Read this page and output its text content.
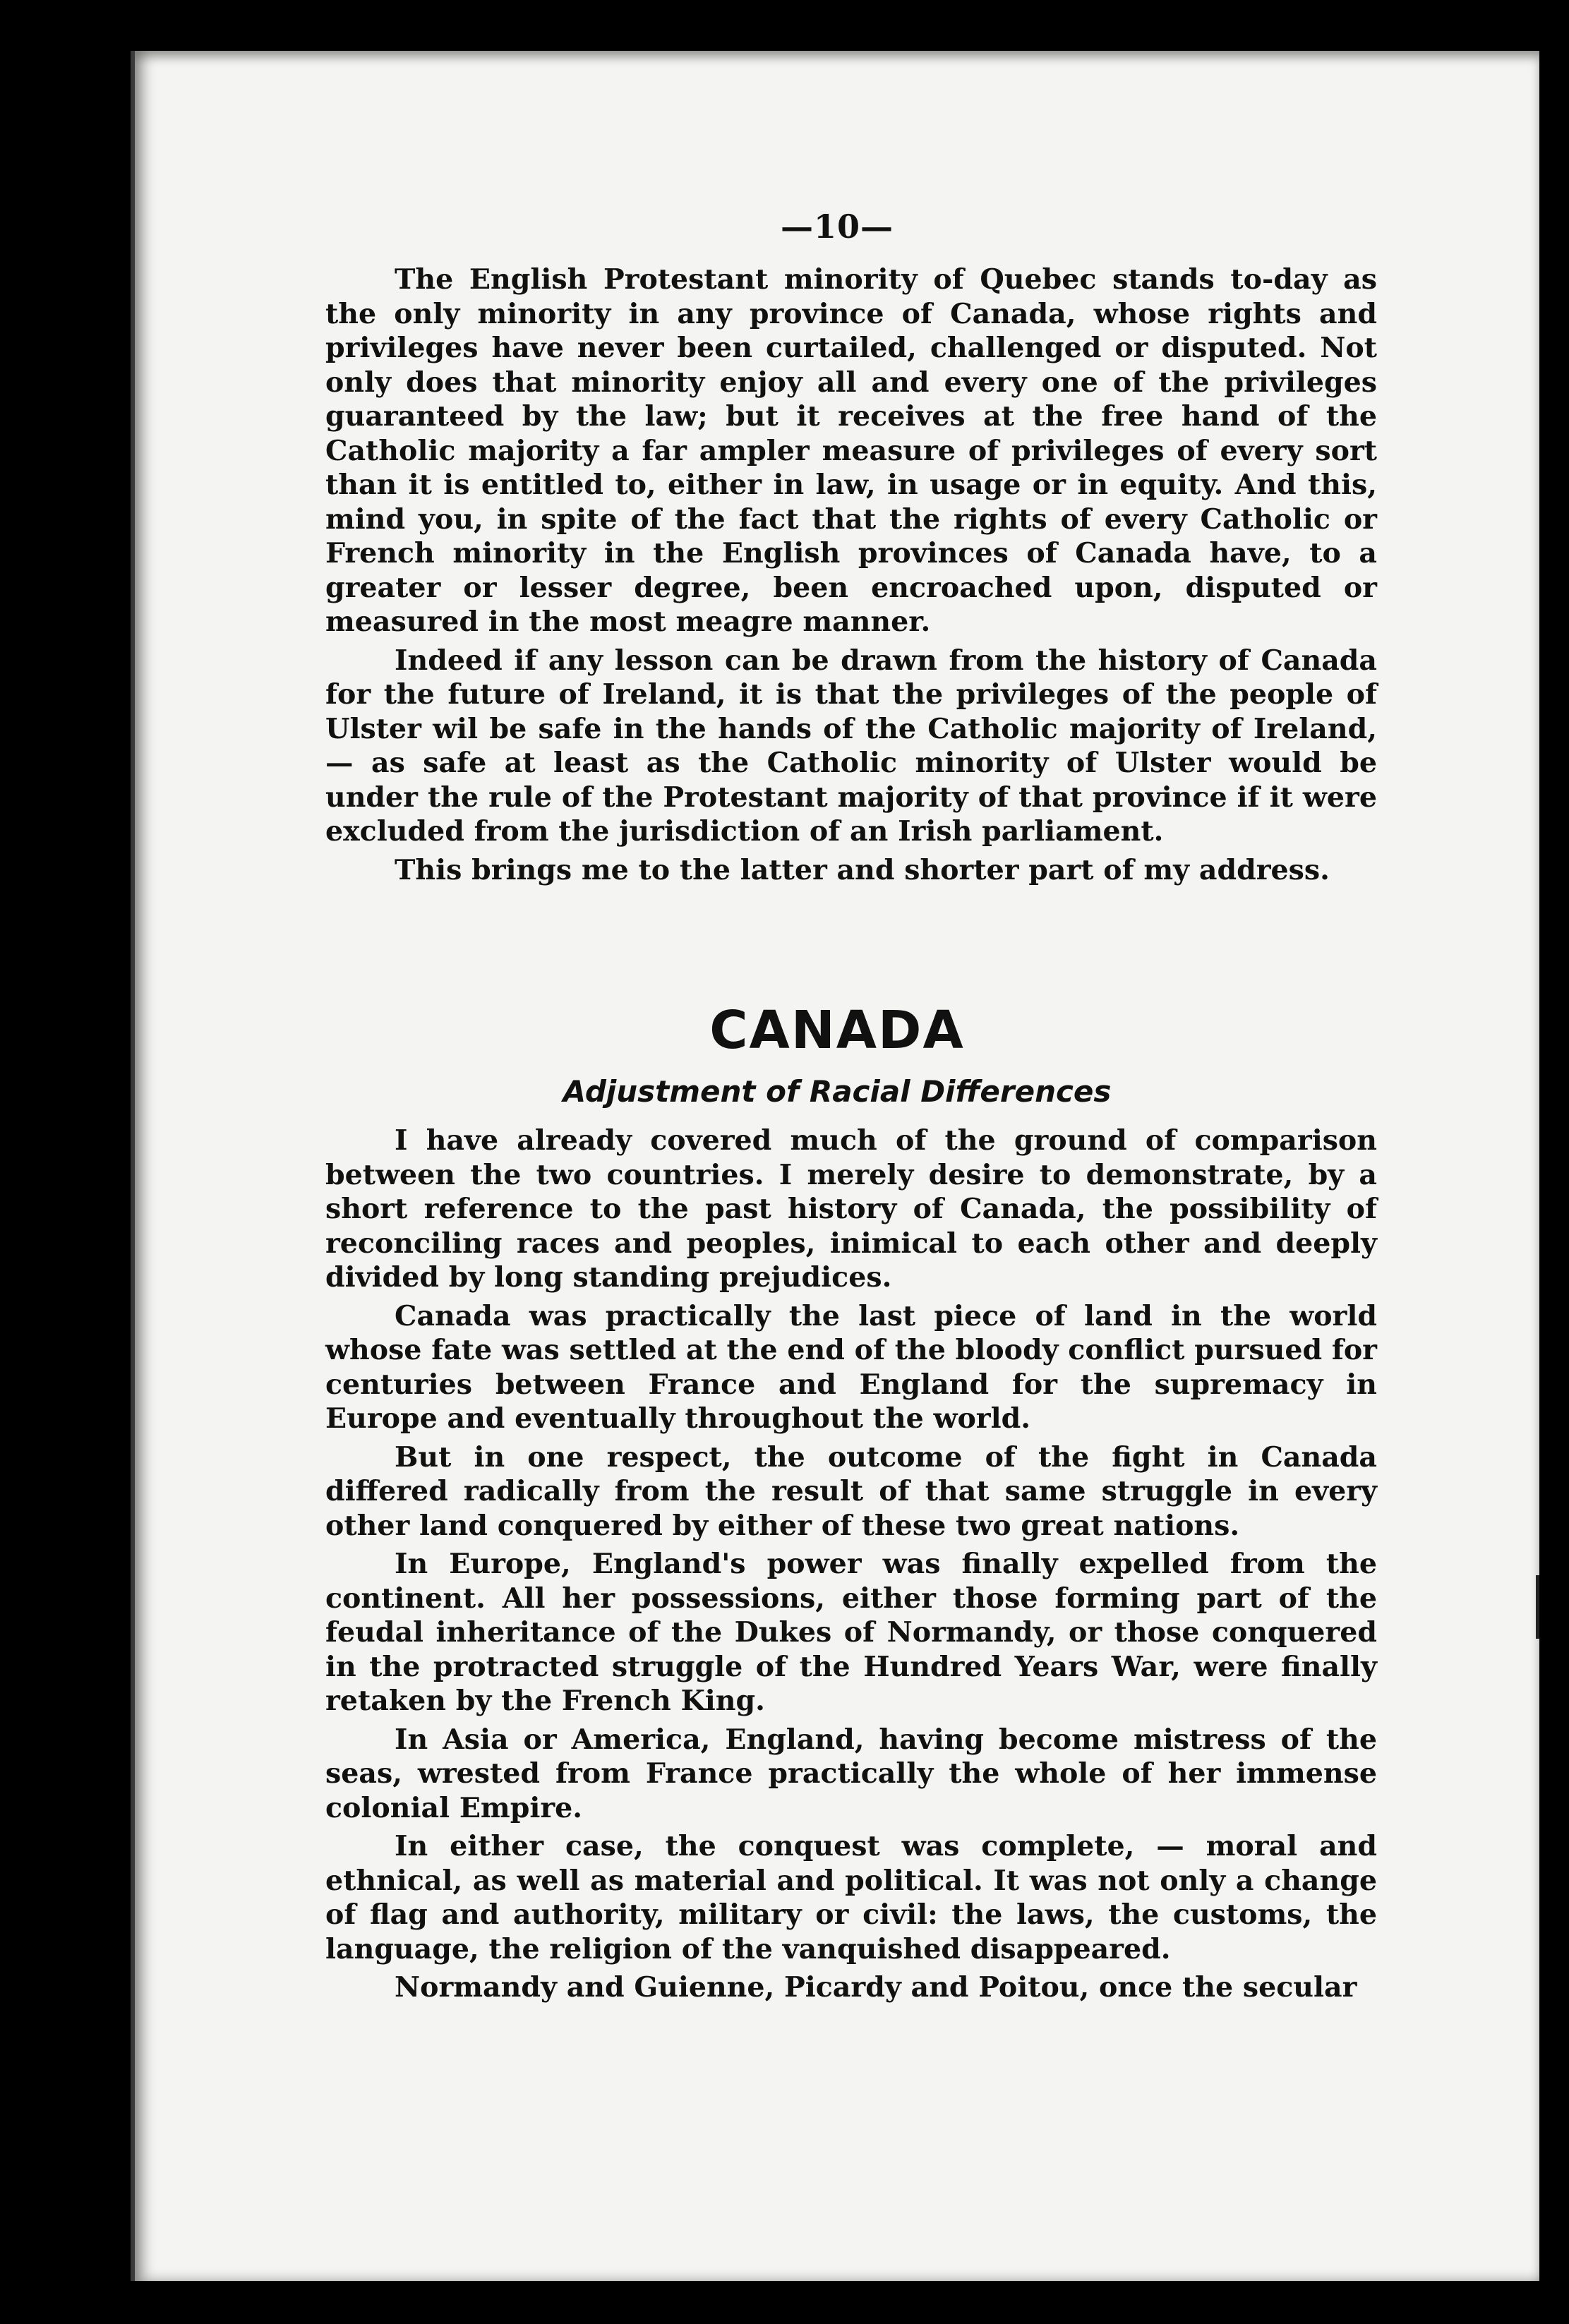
—10—

The English Protestant minority of Quebec stands to-day as the only minority in any province of Canada, whose rights and privileges have never been curtailed, challenged or disputed. Not only does that minority enjoy all and every one of the privileges guaranteed by the law; but it receives at the free hand of the Catholic majority a far ampler measure of privileges of every sort than it is entitled to, either in law, in usage or in equity. And this, mind you, in spite of the fact that the rights of every Catholic or French minority in the English provinces of Canada have, to a greater or lesser degree, been encroached upon, disputed or measured in the most meagre manner.

Indeed if any lesson can be drawn from the history of Canada for the future of Ireland, it is that the privileges of the people of Ulster wil be safe in the hands of the Catholic majority of Ireland, — as safe at least as the Catholic minority of Ulster would be under the rule of the Protestant majority of that province if it were excluded from the jurisdiction of an Irish parliament.

This brings me to the latter and shorter part of my address.

CANADA
Adjustment of Racial Differences

I have already covered much of the ground of comparison between the two countries. I merely desire to demonstrate, by a short reference to the past history of Canada, the possibility of reconciling races and peoples, inimical to each other and deeply divided by long standing prejudices.

Canada was practically the last piece of land in the world whose fate was settled at the end of the bloody conflict pursued for centuries between France and England for the supremacy in Europe and eventually throughout the world.

But in one respect, the outcome of the fight in Canada differed radically from the result of that same struggle in every other land conquered by either of these two great nations.

In Europe, England's power was finally expelled from the continent. All her possessions, either those forming part of the feudal inheritance of the Dukes of Normandy, or those conquered in the protracted struggle of the Hundred Years War, were finally retaken by the French King.

In Asia or America, England, having become mistress of the seas, wrested from France practically the whole of her immense colonial Empire.

In either case, the conquest was complete, — moral and ethnical, as well as material and political. It was not only a change of flag and authority, military or civil: the laws, the customs, the language, the religion of the vanquished disappeared.

Normandy and Guienne, Picardy and Poitou, once the secular
